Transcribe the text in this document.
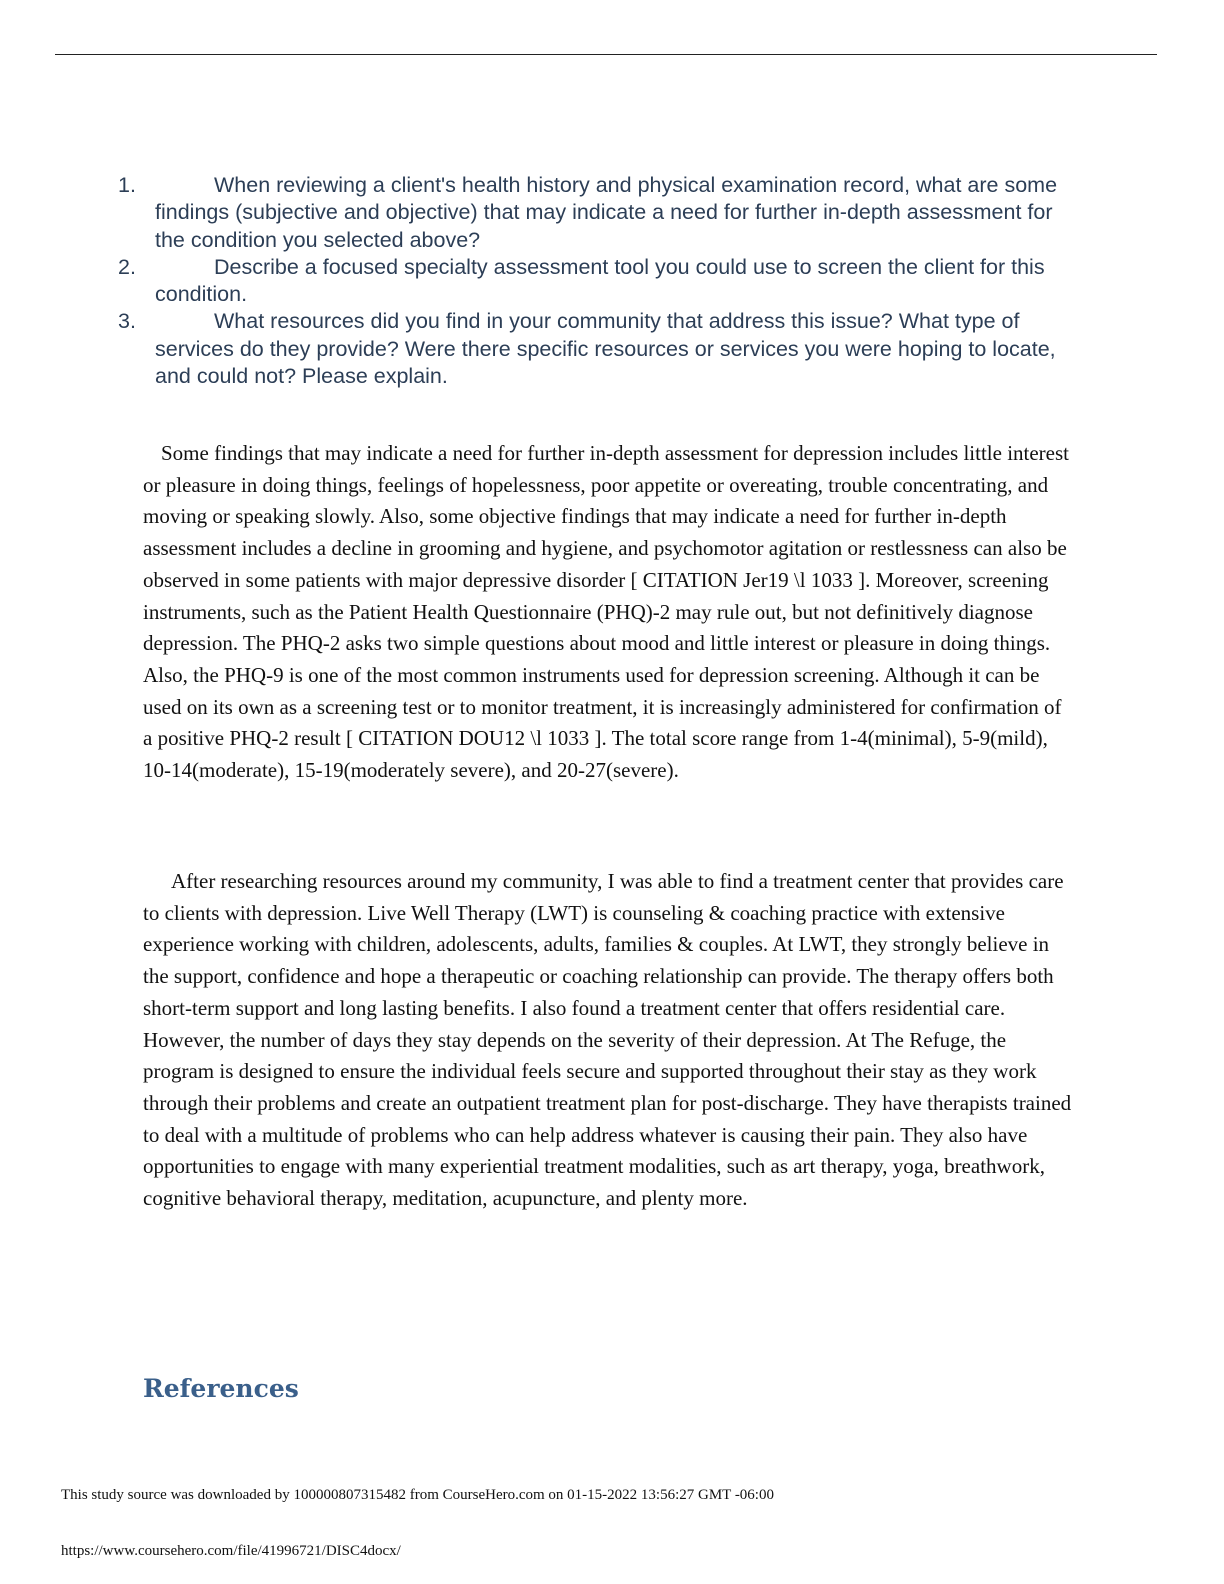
1.	When reviewing a client's health history and physical examination record, what are some findings (subjective and objective) that may indicate a need for further in-depth assessment for the condition you selected above?
2.	Describe a focused specialty assessment tool you could use to screen the client for this condition.
3.	What resources did you find in your community that address this issue? What type of services do they provide? Were there specific resources or services you were hoping to locate, and could not? Please explain.

Some findings that may indicate a need for further in-depth assessment for depression includes little interest or pleasure in doing things, feelings of hopelessness, poor appetite or overeating, trouble concentrating, and moving or speaking slowly. Also, some objective findings that may indicate a need for further in-depth assessment includes a decline in grooming and hygiene, and psychomotor agitation or restlessness can also be observed in some patients with major depressive disorder [ CITATION Jer19 \l 1033 ]. Moreover, screening instruments, such as the Patient Health Questionnaire (PHQ)-2 may rule out, but not definitively diagnose depression. The PHQ-2 asks two simple questions about mood and little interest or pleasure in doing things. Also, the PHQ-9 is one of the most common instruments used for depression screening. Although it can be used on its own as a screening test or to monitor treatment, it is increasingly administered for confirmation of a positive PHQ-2 result [ CITATION DOU12 \l 1033 ]. The total score range from 1-4(minimal), 5-9(mild), 10-14(moderate), 15-19(moderately severe), and 20-27(severe).

After researching resources around my community, I was able to find a treatment center that provides care to clients with depression. Live Well Therapy (LWT) is counseling & coaching practice with extensive experience working with children, adolescents, adults, families & couples. At LWT, they strongly believe in the support, confidence and hope a therapeutic or coaching relationship can provide. The therapy offers both short-term support and long lasting benefits. I also found a treatment center that offers residential care. However, the number of days they stay depends on the severity of their depression. At The Refuge, the program is designed to ensure the individual feels secure and supported throughout their stay as they work through their problems and create an outpatient treatment plan for post-discharge. They have therapists trained to deal with a multitude of problems who can help address whatever is causing their pain. They also have opportunities to engage with many experiential treatment modalities, such as art therapy, yoga, breathwork, cognitive behavioral therapy, meditation, acupuncture, and plenty more.

References

This study source was downloaded by 100000807315482 from CourseHero.com on 01-15-2022 13:56:27 GMT -06:00

https://www.coursehero.com/file/41996721/DISC4docx/
